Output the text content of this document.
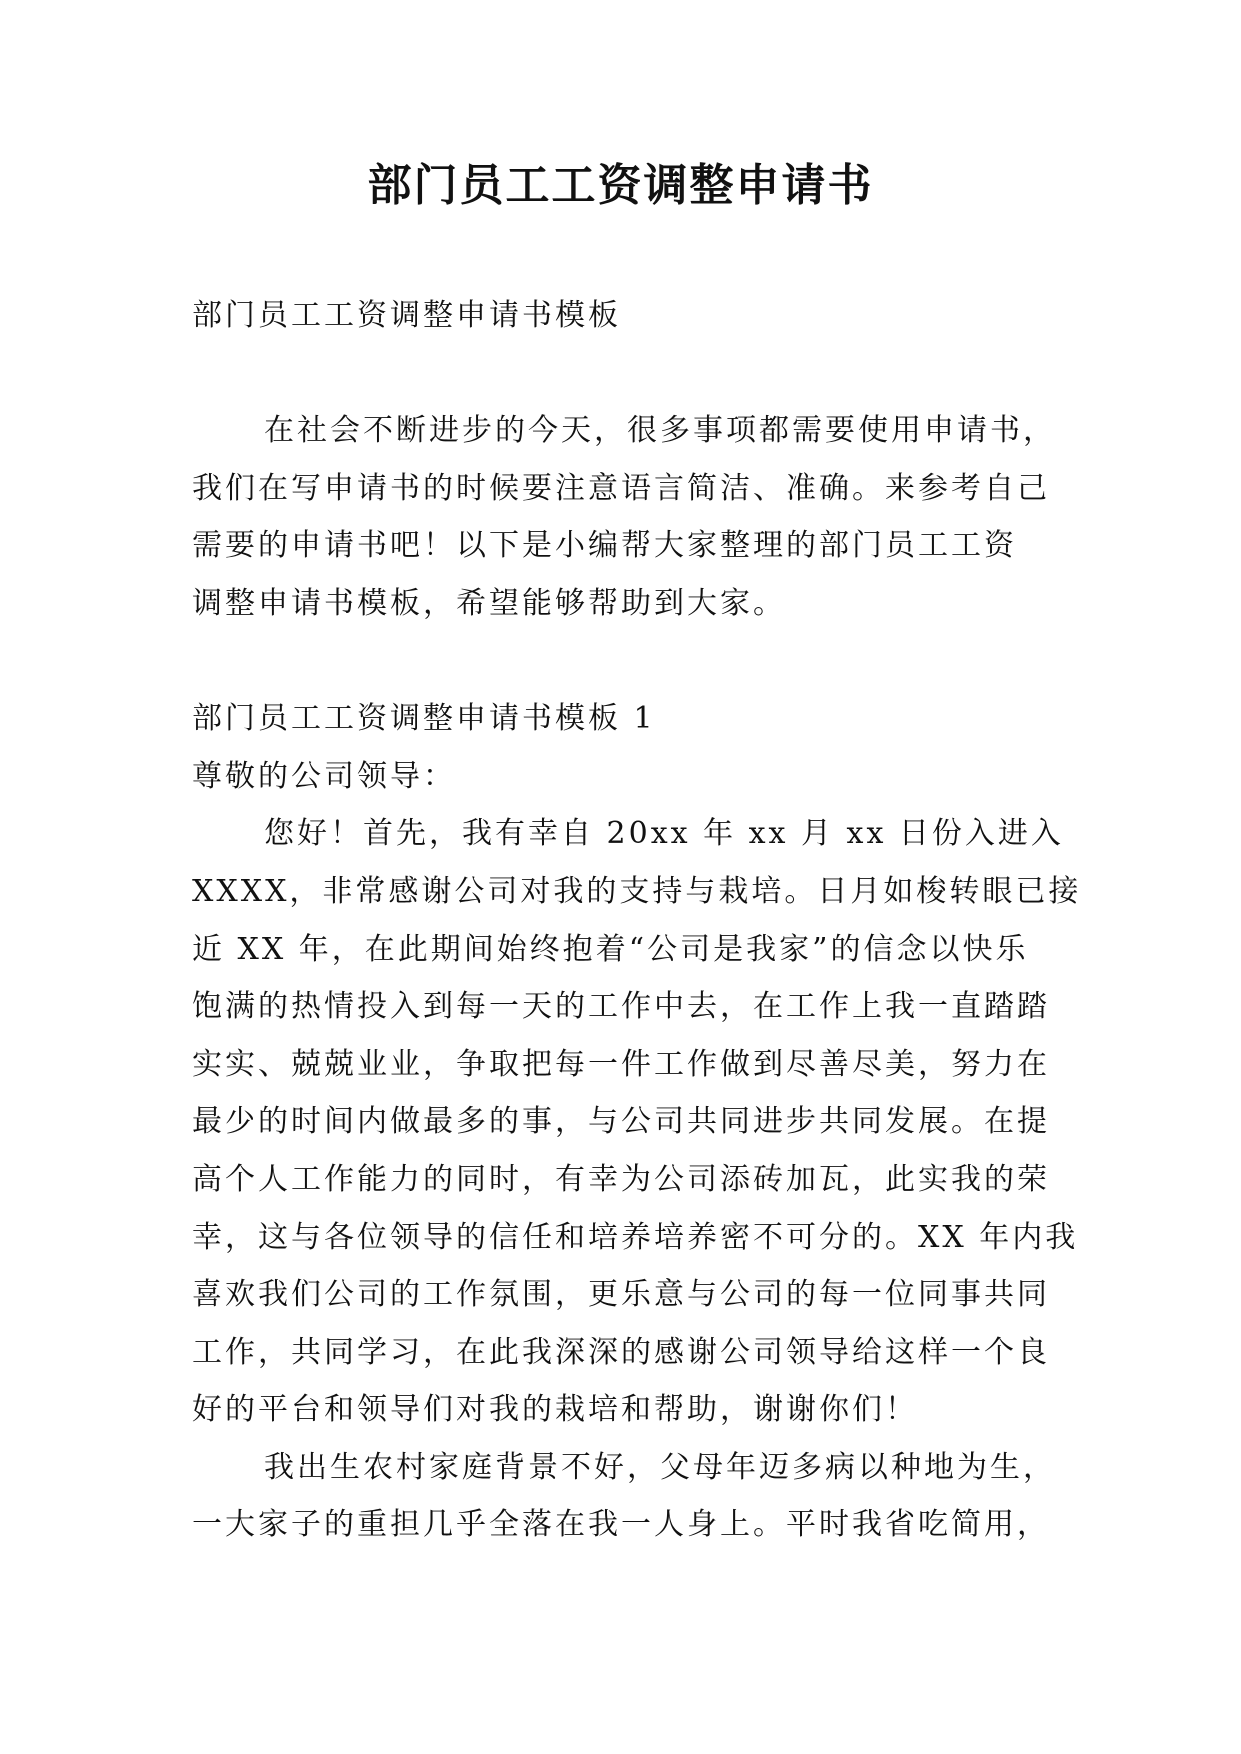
部门员工工资调整申请书
部门员工工资调整申请书模板
在社会不断进步的今天，很多事项都需要使用申请书，
我们在写申请书的时候要注意语言简洁、准确。来参考自己
需要的申请书吧！以下是小编帮大家整理的部门员工工资
调整申请书模板，希望能够帮助到大家。
部门员工工资调整申请书模板 1
尊敬的公司领导：
您好！首先，我有幸自 20xx 年 xx 月 xx 日份入进入
XXXX，非常感谢公司对我的支持与栽培。日月如梭转眼已接
近 XX 年，在此期间始终抱着“公司是我家”的信念以快乐
饱满的热情投入到每一天的工作中去，在工作上我一直踏踏
实实、兢兢业业，争取把每一件工作做到尽善尽美，努力在
最少的时间内做最多的事，与公司共同进步共同发展。在提
高个人工作能力的同时，有幸为公司添砖加瓦，此实我的荣
幸，这与各位领导的信任和培养培养密不可分的。XX 年内我
喜欢我们公司的工作氛围，更乐意与公司的每一位同事共同
工作，共同学习，在此我深深的感谢公司领导给这样一个良
好的平台和领导们对我的栽培和帮助，谢谢你们！
我出生农村家庭背景不好，父母年迈多病以种地为生，
一大家子的重担几乎全落在我一人身上。平时我省吃简用，
